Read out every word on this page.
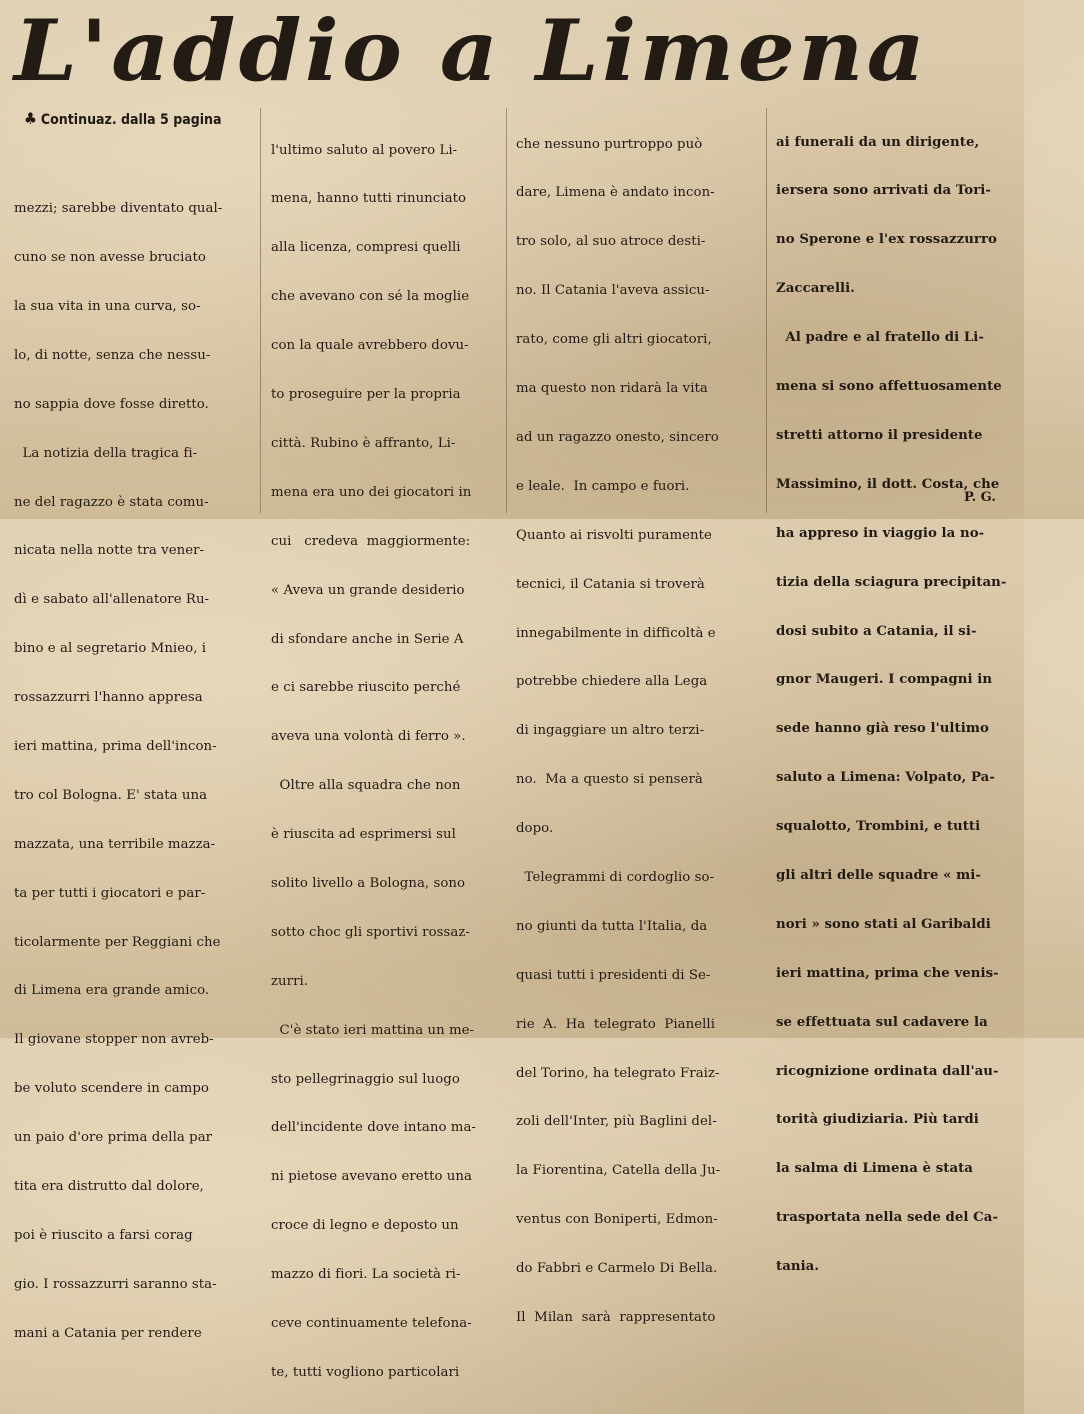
L'addio a Limena
♣ Continuaz. dalla 5 pagina

mezzi; sarebbe diventato qual-

cuno se non avesse bruciato

la sua vita in una curva, so-

lo, di notte, senza che nessu-

no sappia dove fosse diretto.

La notizia della tragica fi-

ne del ragazzo è stata comu-

nicata nella notte tra vener-

dì e sabato all'allenatore Ru-

bino e al segretario Mnieo, i

rossazzurri l'hanno appresa

ieri mattina, prima dell'incon-

tro col Bologna. E' stata una

mazzata, una terribile mazza-

ta per tutti i giocatori e par-

ticolarmente per Reggiani che

di Limena era grande amico.

Il giovane stopper non avreb-

be voluto scendere in campo

un paio d'ore prima della par

tita era distrutto dal dolore,

poi è riuscito a farsi corag

gio. I rossazzurri saranno sta-

mani a Catania per rendere

l'ultimo saluto al povero Li-

mena, hanno tutti rinunciato

alla licenza, compresi quelli

che avevano con sé la moglie

con la quale avrebbero dovu-

to proseguire per la propria

città. Rubino è affranto, Li-

mena era uno dei giocatori in

cui   credeva  maggiormente:

« Aveva un grande desiderio

di sfondare anche in Serie A

e ci sarebbe riuscito perché

aveva una volontà di ferro ».

Oltre alla squadra che non

è riuscita ad esprimersi sul

solito livello a Bologna, sono

sotto choc gli sportivi rossaz-

zurri.

C'è stato ieri mattina un me-

sto pellegrinaggio sul luogo

dell'incidente dove intano ma-

ni pietose avevano eretto una

croce di legno e deposto un

mazzo di fiori. La società ri-

ceve continuamente telefona-

te, tutti vogliono particolari

che nessuno purtroppo può

dare, Limena è andato incon-

tro solo, al suo atroce desti-

no. Il Catania l'aveva assicu-

rato, come gli altri giocatori,

ma questo non ridarà la vita

ad un ragazzo onesto, sincero

e leale.  In campo e fuori.

Quanto ai risvolti puramente

tecnici, il Catania si troverà

innegabilmente in difficoltà e

potrebbe chiedere alla Lega

di ingaggiare un altro terzi-

no.  Ma a questo si penserà

dopo.

Telegrammi di cordoglio so-

no giunti da tutta l'Italia, da

quasi tutti i presidenti di Se-

rie  A.  Ha  telegrato  Pianelli

del Torino, ha telegrato Fraiz-

zoli dell'Inter, più Baglini del-

la Fiorentina, Catella della Ju-

ventus con Boniperti, Edmon-

do Fabbri e Carmelo Di Bella.

Il  Milan  sarà  rappresentato

ai funerali da un dirigente,

iersera sono arrivati da Tori-

no Sperone e l'ex rossazzurro

Zaccarelli.

Al padre e al fratello di Li-

mena si sono affettuosamente

stretti attorno il presidente

Massimino, il dott. Costa, che

ha appreso in viaggio la no-

tizia della sciagura precipitan-

dosi subito a Catania, il si-

gnor Maugeri. I compagni in

sede hanno già reso l'ultimo

saluto a Limena: Volpato, Pa-

squalotto, Trombini, e tutti

gli altri delle squadre « mi-

nori » sono stati al Garibaldi

ieri mattina, prima che venis-

se effettuata sul cadavere la

ricognizione ordinata dall'au-

torità giudiziaria. Più tardi

la salma di Limena è stata

trasportata nella sede del Ca-

tania.

P. G.
